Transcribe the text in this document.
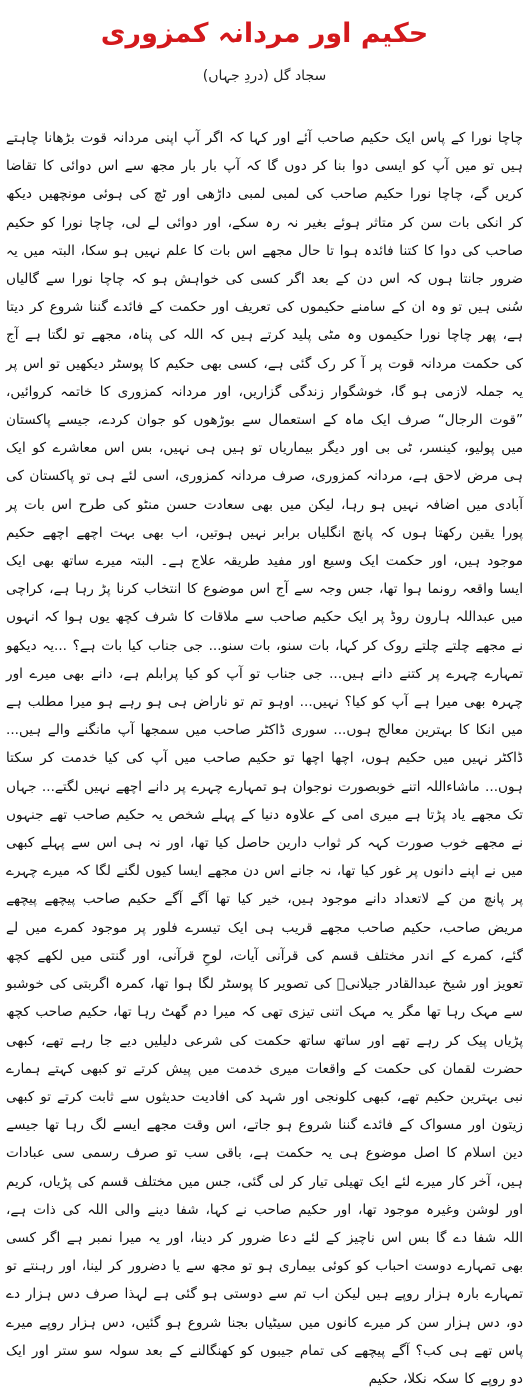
حکیم اور مردانہ کمزوری
سجاد گل (دردِ جہاں)

چاچا نورا کے پاس ایک حکیم صاحب آئے اور کہا کہ اگر آپ اپنی مردانہ قوت بڑھانا چاہتے ہیں تو میں آپ کو ایسی دوا بنا کر دوں گا کہ آپ بار بار مجھ سے اس دوائی کا تقاضا کریں گے، چاچا نورا حکیم صاحب کی لمبی لمبی داڑھی اور ٹچ کی ہوئی مونچھیں دیکھ کر انکی بات سن کر متاثر ہوئے بغیر نہ رہ سکے، اور دوائی لے لی، چاچا نورا کو حکیم صاحب کی دوا کا کتنا فائدہ ہوا تا حال مجھے اس بات کا علم نہیں ہو سکا، البتہ میں یہ ضرور جانتا ہوں کہ اس دن کے بعد اگر کسی کی خواہش ہو کہ چاچا نورا سے گالیاں سُنی ہیں تو وہ ان کے سامنے حکیموں کی تعریف اور حکمت کے فائدے گننا شروع کر دیتا ہے، پھر چاچا نورا حکیموں وہ مٹی پلید کرتے ہیں کہ اللہ کی پناہ، مجھے تو لگتا ہے آج کی حکمت مردانہ قوت پر آ کر رک گئی ہے، کسی بھی حکیم کا پوسٹر دیکھیں تو اس پر یہ جملہ لازمی ہو گا، خوشگوار زندگی گزاریں، اور مردانہ کمزوری کا خاتمہ کروائیں، ”قوت الرجال“ صرف ایک ماہ کے استعمال سے بوڑھوں کو جوان کردے، جیسے پاکستان میں پولیو، کینسر، ٹی بی اور دیگر بیماریاں تو ہیں ہی نہیں، بس اس معاشرے کو ایک ہی مرض لاحق ہے، مردانہ کمزوری، صرف مردانہ کمزوری، اسی لئے ہی تو پاکستان کی آبادی میں اضافہ نہیں ہو رہا، لیکن میں بھی سعادت حسن منٹو کی طرح اس بات پر پورا یقین رکھتا ہوں کہ پانچ انگلیاں برابر نہیں ہوتیں، اب بھی بہت اچھے اچھے حکیم موجود ہیں، اور حکمت ایک وسیع اور مفید طریقہ علاج ہے۔ البتہ میرے ساتھ بھی ایک ایسا واقعہ رونما ہوا تھا، جس وجہ سے آج اس موضوع کا انتخاب کرنا پڑ رہا ہے، کراچی میں عبداللہ ہارون روڈ پر ایک حکیم صاحب سے ملاقات کا شرف کچھ یوں ہوا کہ انہوں نے مجھے چلتے چلتے روک کر کہا، بات سنو، بات سنو... جی جناب کیا بات ہے؟ ...یہ دیکھو تمہارے چہرے پر کتنے دانے ہیں... جی جناب تو آپ کو کیا پرابلم ہے، دانے بھی میرے اور چہرہ بھی میرا ہے آپ کو کیا؟ نہیں... اوہو تم تو ناراض ہی ہو رہے ہو میرا مطلب ہے میں انکا کا بہترین معالج ہوں... سوری ڈاکٹر صاحب میں سمجھا آپ مانگنے والے ہیں... ڈاکٹر نہیں میں حکیم ہوں، اچھا اچھا تو حکیم صاحب میں آپ کی کیا خدمت کر سکتا ہوں... ماشاءاللہ اتنے خوبصورت نوجوان ہو تمہارے چہرے پر دانے اچھے نہیں لگتے... جہاں تک مجھے یاد پڑتا ہے میری امی کے علاوہ دنیا کے پہلے شخص یہ حکیم صاحب تھے جنہوں نے مجھے خوب صورت کہہ کر ثواب دارین حاصل کیا تھا، اور نہ ہی اس سے پہلے کبھی میں نے اپنے دانوں پر غور کیا تھا، نہ جانے اس دن مجھے ایسا کیوں لگنے لگا کہ میرے چہرے پر پانچ من کے لاتعداد دانے موجود ہیں، خیر کیا تھا آگے آگے حکیم صاحب پیچھے پیچھے مریض صاحب، حکیم صاحب مجھے قریب ہی ایک تیسرے فلور پر موجود کمرے میں لے گئے، کمرے کے اندر مختلف قسم کی قرآنی آیات، لوحِ قرآنی، اور گنتی میں لکھے کچھ تعویز اور شیخ عبدالقادر جیلانیؒ کی تصویر کا پوسٹر لگا ہوا تھا، کمرہ اگربتی کی خوشبو سے مہک رہا تھا مگر یہ مہک اتنی تیزی تھی کہ میرا دم گھٹ رہا تھا، حکیم صاحب کچھ پڑیاں پیک کر رہے تھے اور ساتھ ساتھ حکمت کی شرعی دلیلیں دیے جا رہے تھے، کبھی حضرت لقمان کی حکمت کے واقعات میری خدمت میں پیش کرتے تو کبھی کہتے ہمارے نبی بہترین حکیم تھے، کبھی کلونجی اور شہد کی افادیت حدیثوں سے ثابت کرتے تو کبھی زیتون اور مسواک کے فائدے گننا شروع ہو جاتے، اس وقت مجھے ایسے لگ رہا تھا جیسے دین اسلام کا اصل موضوع ہی یہ حکمت ہے، باقی سب تو صرف رسمی سی عبادات ہیں، آخر کار میرے لئے ایک تھیلی تیار کر لی گئی، جس میں مختلف قسم کی پڑیاں، کریم اور لوشن وغیرہ موجود تھا، اور حکیم صاحب نے کہا، شفا دینے والی اللہ کی ذات ہے، اللہ شفا دے گا بس اس ناچیز کے لئے دعا ضرور کر دینا، اور یہ میرا نمبر ہے اگر کسی بھی تمہارے دوست احباب کو کوئی بیماری ہو تو مجھ سے یا دضرور کر لینا، اور رہنتے تو تمہارے بارہ ہزار روپے ہیں لیکن اب تم سے دوستی ہو گئی ہے لہذا صرف دس ہزار دے دو، دس ہزار سن کر میرے کانوں میں سیٹیاں بجنا شروع ہو گئیں، دس ہزار روپے میرے پاس تھے ہی کب؟ آگے پیچھے کی تمام جیبوں کو کھنگالنے کے بعد سولہ سو ستر اور ایک دو روپے کا سکہ نکلا، حکیم
